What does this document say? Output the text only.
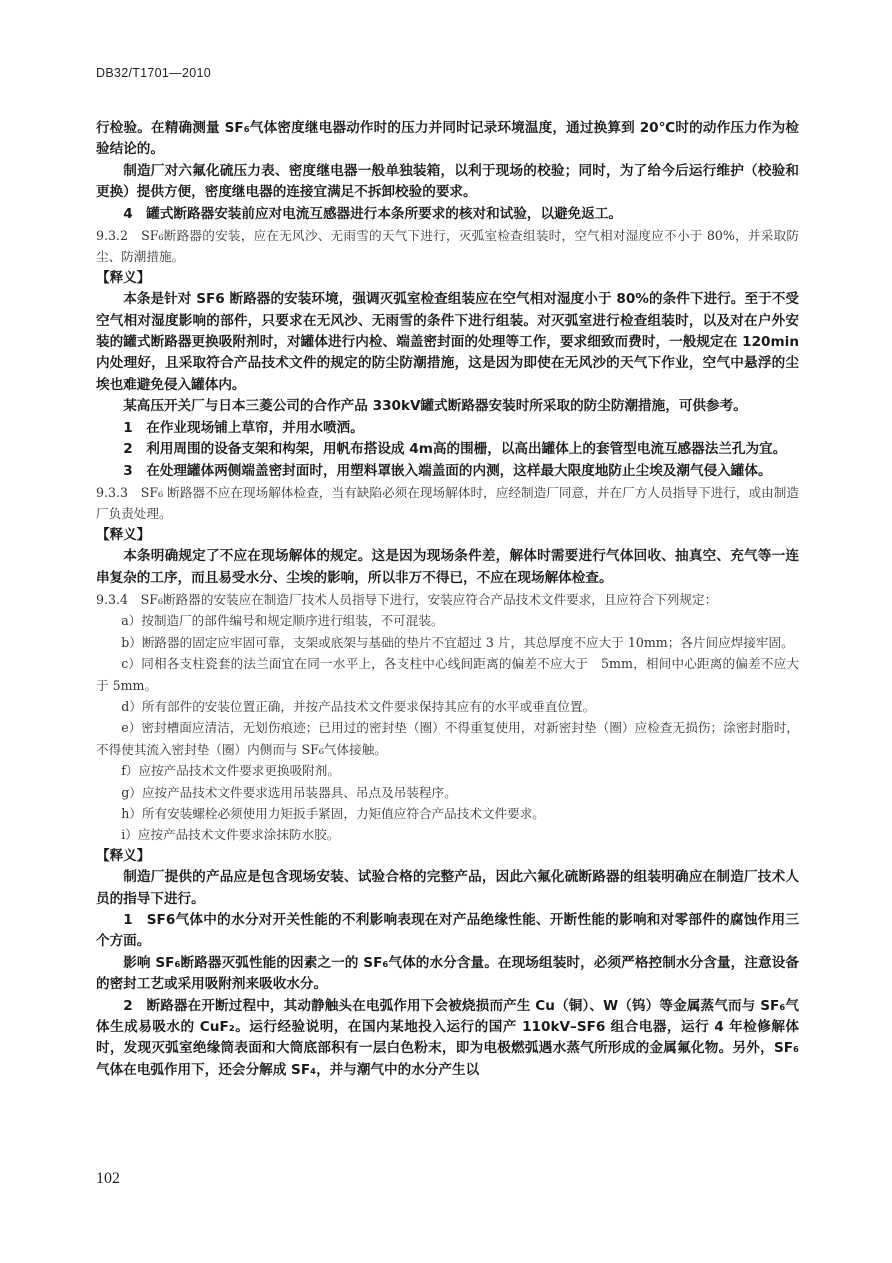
DB32/T1701—2010

行检验。在精确测量 SF₆气体密度继电器动作时的压力并同时记录环境温度，通过换算到 20℃时的动作压力作为检验结论的。

制造厂对六氟化硫压力表、密度继电器一般单独装箱，以利于现场的校验；同时，为了给今后运行维护（校验和更换）提供方便，密度继电器的连接宜满足不拆卸校验的要求。

4　罐式断路器安装前应对电流互感器进行本条所要求的核对和试验，以避免返工。

9.3.2　SF₆断路器的安装，应在无风沙、无雨雪的天气下进行，灭弧室检查组装时，空气相对湿度应不小于 80%，并采取防尘、防潮措施。

【释义】

本条是针对 SF6 断路器的安装环境，强调灭弧室检查组装应在空气相对湿度小于 80%的条件下进行。至于不受空气相对湿度影响的部件，只要求在无风沙、无雨雪的条件下进行组装。对灭弧室进行检查组装时，以及对在户外安装的罐式断路器更换吸附剂时，对罐体进行内检、端盖密封面的处理等工作，要求细致而费时，一般规定在 120min内处理好，且采取符合产品技术文件的规定的防尘防潮措施，这是因为即使在无风沙的天气下作业，空气中悬浮的尘埃也难避免侵入罐体内。

某高压开关厂与日本三菱公司的合作产品 330kV罐式断路器安装时所采取的防尘防潮措施，可供参考。

1　在作业现场铺上草帘，并用水喷洒。

2　利用周围的设备支架和构架，用帆布搭设成 4m高的围栅，以高出罐体上的套管型电流互感器法兰孔为宜。

3　在处理罐体两侧端盖密封面时，用塑料罩嵌入端盖面的内测，这样最大限度地防止尘埃及潮气侵入罐体。

9.3.3　SF₆ 断路器不应在现场解体检查，当有缺陷必须在现场解体时，应经制造厂同意，并在厂方人员指导下进行，或由制造厂负责处理。

【释义】

本条明确规定了不应在现场解体的规定。这是因为现场条件差，解体时需要进行气体回收、抽真空、充气等一连串复杂的工序，而且易受水分、尘埃的影响，所以非万不得已，不应在现场解体检查。

9.3.4　SF₆断路器的安装应在制造厂技术人员指导下进行，安装应符合产品技术文件要求，且应符合下列规定：

a）按制造厂的部件编号和规定顺序进行组装，不可混装。

b）断路器的固定应牢固可靠，支架或底架与基础的垫片不宜超过 3 片，其总厚度不应大于 10mm；各片间应焊接牢固。

c）同相各支柱瓷套的法兰面宜在同一水平上，各支柱中心线间距离的偏差不应大于　5mm，相间中心距离的偏差不应大于 5mm。

d）所有部件的安装位置正确，并按产品技术文件要求保持其应有的水平或垂直位置。

e）密封槽面应清洁，无划伤痕迹；已用过的密封垫（圈）不得重复使用，对新密封垫（圈）应检查无损伤；涂密封脂时，不得使其流入密封垫（圈）内侧而与 SF₆气体接触。

f）应按产品技术文件要求更换吸附剂。

g）应按产品技术文件要求选用吊装器具、吊点及吊装程序。

h）所有安装螺栓必须使用力矩扳手紧固，力矩值应符合产品技术文件要求。

i）应按产品技术文件要求涂抹防水胶。

【释义】

制造厂提供的产品应是包含现场安装、试验合格的完整产品，因此六氟化硫断路器的组装明确应在制造厂技术人员的指导下进行。

1　SF6气体中的水分对开关性能的不利影响表现在对产品绝缘性能、开断性能的影响和对零部件的腐蚀作用三个方面。

影响 SF₆断路器灭弧性能的因素之一的 SF₆气体的水分含量。在现场组装时，必须严格控制水分含量，注意设备的密封工艺或采用吸附剂来吸收水分。

2　断路器在开断过程中，其动静触头在电弧作用下会被烧损而产生 Cu（铜）、W（钨）等金属蒸气而与 SF₆气体生成易吸水的 CuF₂。运行经验说明，在国内某地投入运行的国产 110kV–SF6 组合电器，运行 4 年检修解体时，发现灭弧室绝缘筒表面和大筒底部积有一层白色粉末，即为电极燃弧遇水蒸气所形成的金属氟化物。另外，SF₆气体在电弧作用下，还会分解成 SF₄，并与潮气中的水分产生以

102
